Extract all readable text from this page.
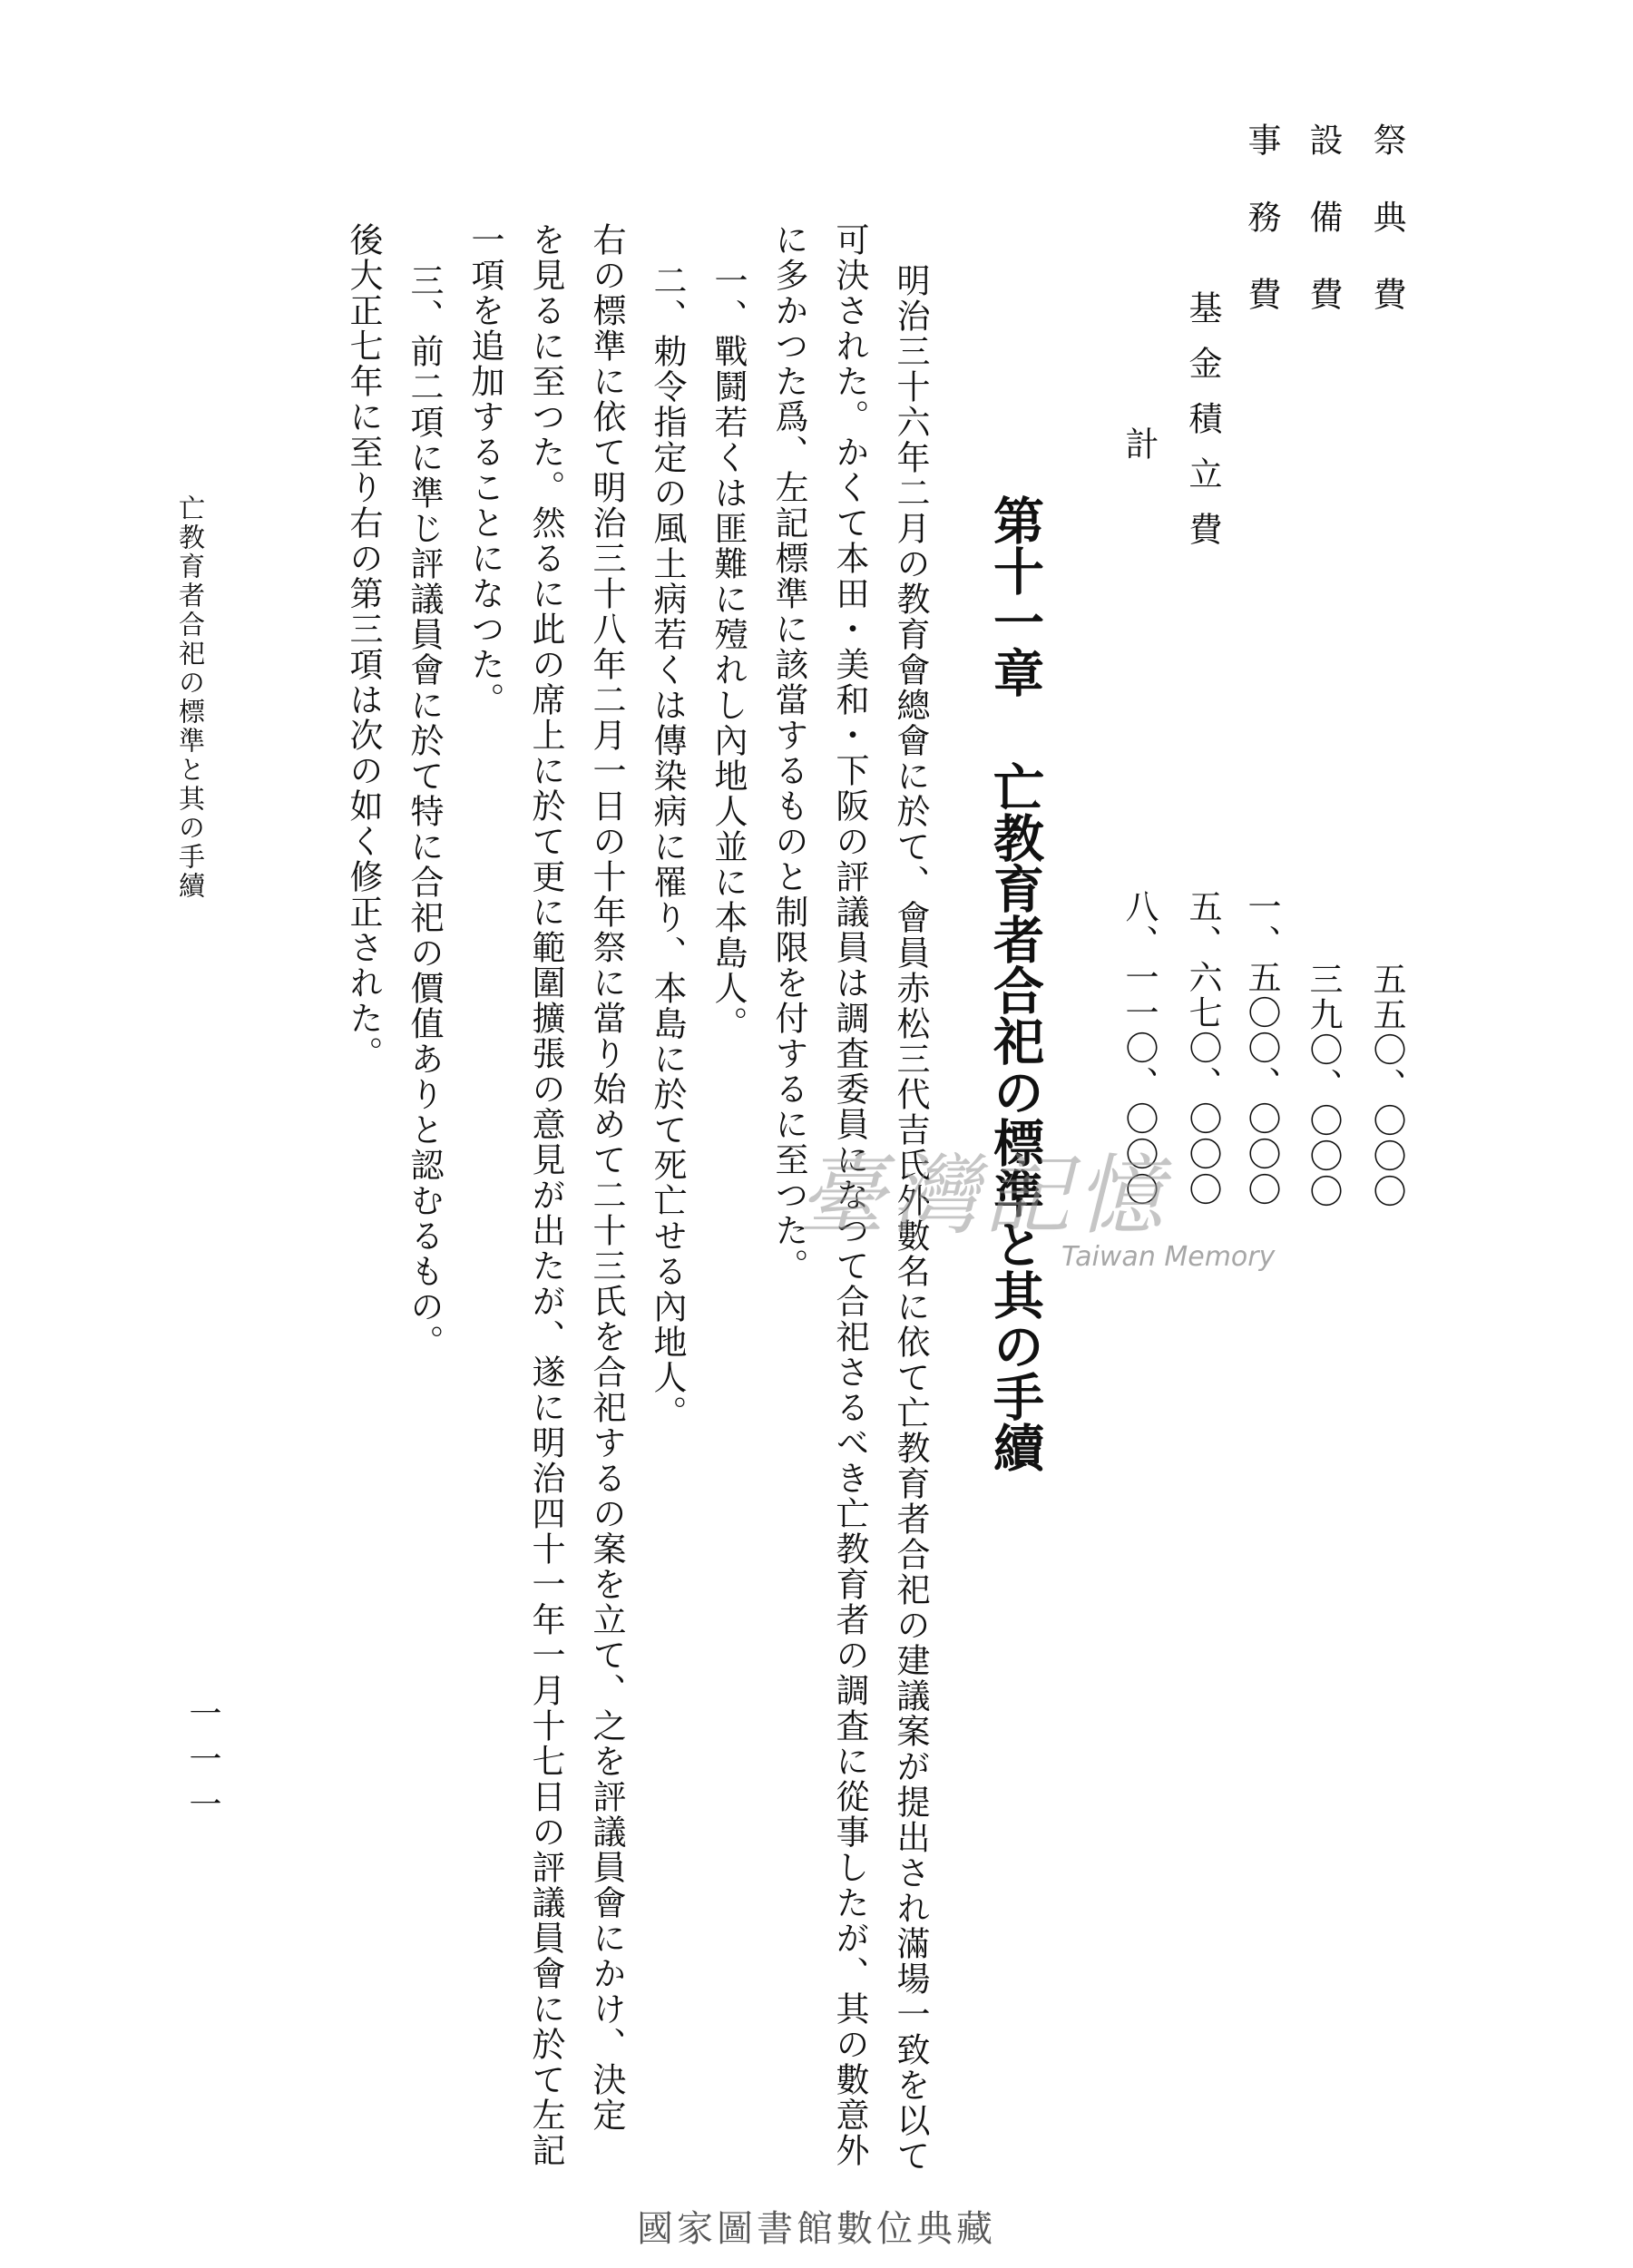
祭典費
設備費
事務費
基金積立費
計
五五〇、〇〇〇
三九〇、〇〇〇
一、五〇〇、〇〇〇
五、六七〇、〇〇〇
八、一一〇、〇〇〇
第十一章亡教育者合祀の標準と其の手續
明治三十六年二月の教育會總會に於て、會員赤松三代吉氏外數名に依て亡教育者合祀の建議案が提出され滿場一致を以て
可決された。かくて本田・美和・下阪の評議員は調査委員になつて合祀さるべき亡教育者の調査に從事したが、其の數意外
に多かつた爲、左記標準に該當するものと制限を付するに至つた。
一、戰鬪若くは匪難に殪れし內地人並に本島人。
二、勅令指定の風土病若くは傳染病に罹り、本島に於て死亡せる內地人。
右の標準に依て明治三十八年二月一日の十年祭に當り始めて二十三氏を合祀するの案を立て、之を評議員會にかけ、決定
を見るに至つた。然るに此の席上に於て更に範圍擴張の意見が出たが、遂に明治四十一年一月十七日の評議員會に於て左記
一項を追加することになつた。
三、前二項に準じ評議員會に於て特に合祀の價值ありと認むるもの。
後大正七年に至り右の第三項は次の如く修正された。
亡教育者合祀の標準と其の手續
一一一
臺灣記憶
Taiwan Memory
國家圖書館數位典藏
